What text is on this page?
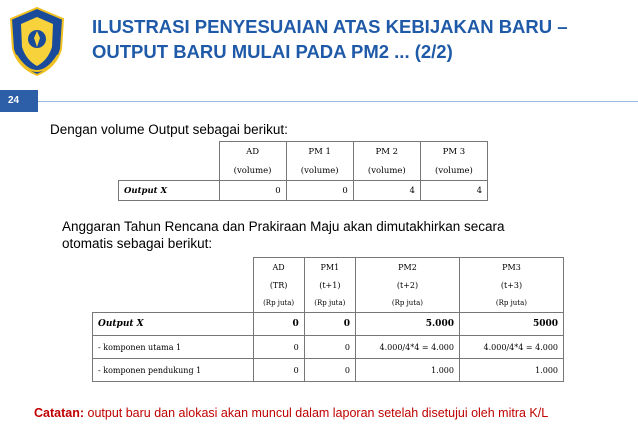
ILUSTRASI PENYESUAIAN ATAS KEBIJAKAN BARU –
OUTPUT BARU MULAI PADA PM2 ... (2/2)
24
Dengan volume Output sebagai berikut:
	AD	PM 1	PM 2	PM 3
	(volume)	(volume)	(volume)	(volume)
Output X	0	0	4	4
Anggaran Tahun Rencana dan Prakiraan Maju akan dimutakhirkan secara
otomatis sebagai berikut:
	AD	PM1	PM2	PM3
	(TR)	(t+1)	(t+2)	(t+3)
	(Rp juta)	(Rp juta)	(Rp juta)	(Rp juta)
Output X	0	0	5.000	5000
- komponen utama 1	0	0	4.000/4*4 = 4.000	4.000/4*4 = 4.000
- komponen pendukung 1	0	0	1.000	1.000
Catatan: output baru dan alokasi akan muncul dalam laporan setelah disetujui oleh mitra K/L
